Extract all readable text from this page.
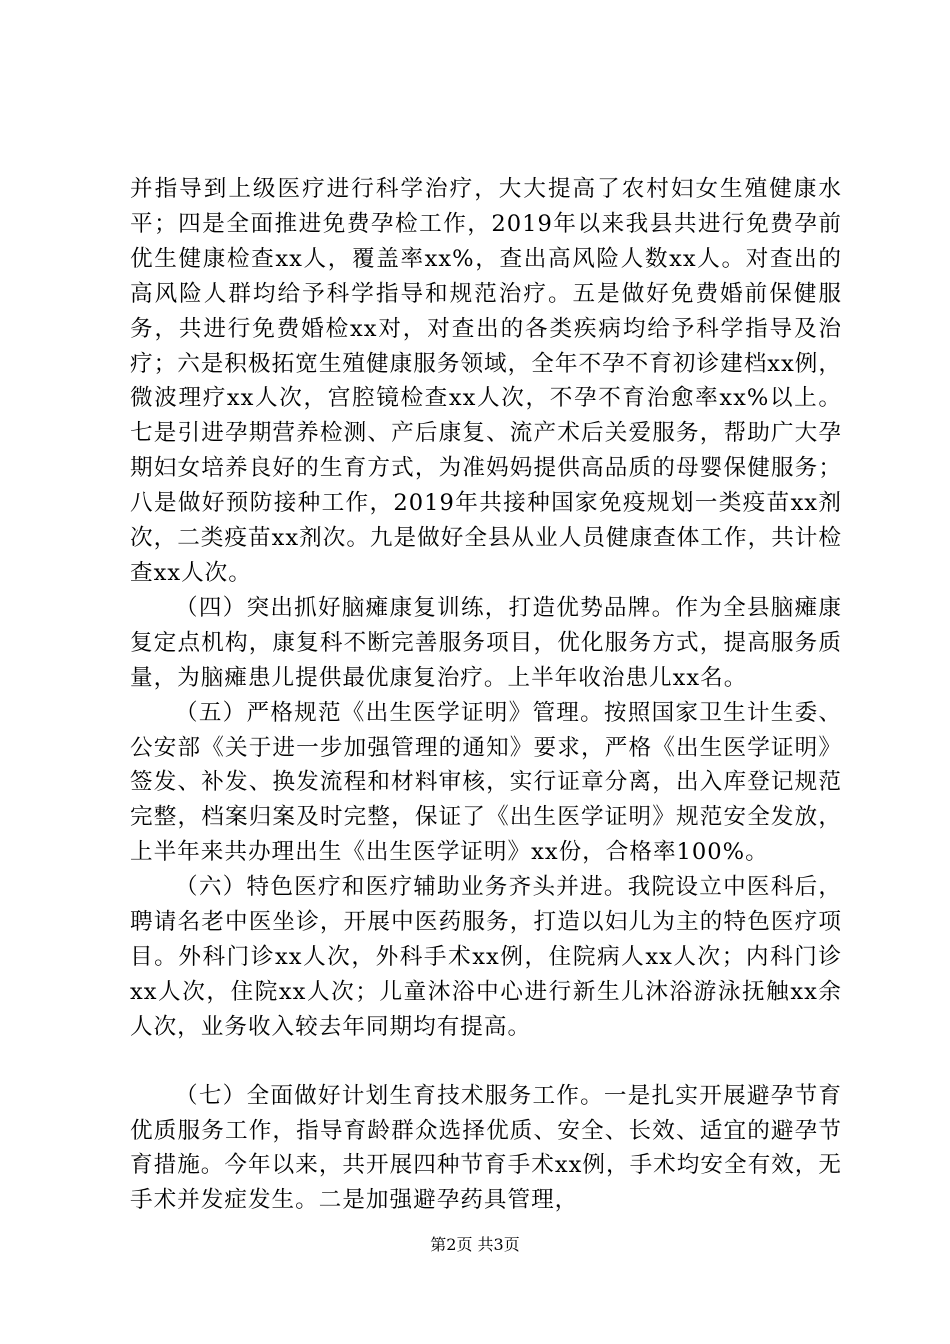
并指导到上级医疗进行科学治疗，大大提高了农村妇女生殖健康水平；四是全面推进免费孕检工作，2019年以来我县共进行免费孕前优生健康检查xx人，覆盖率xx%，查出高风险人数xx人。对查出的高风险人群均给予科学指导和规范治疗。五是做好免费婚前保健服务，共进行免费婚检xx对，对查出的各类疾病均给予科学指导及治疗；六是积极拓宽生殖健康服务领域，全年不孕不育初诊建档xx例，微波理疗xx人次，宫腔镜检查xx人次，不孕不育治愈率xx%以上。七是引进孕期营养检测、产后康复、流产术后关爱服务，帮助广大孕期妇女培养良好的生育方式，为准妈妈提供高品质的母婴保健服务；八是做好预防接种工作，2019年共接种国家免疫规划一类疫苗xx剂次，二类疫苗xx剂次。九是做好全县从业人员健康查体工作，共计检查xx人次。

（四）突出抓好脑瘫康复训练，打造优势品牌。作为全县脑瘫康复定点机构，康复科不断完善服务项目，优化服务方式，提高服务质量，为脑瘫患儿提供最优康复治疗。上半年收治患儿xx名。

（五）严格规范《出生医学证明》管理。按照国家卫生计生委、公安部《关于进一步加强管理的通知》要求，严格《出生医学证明》签发、补发、换发流程和材料审核，实行证章分离，出入库登记规范完整，档案归案及时完整，保证了《出生医学证明》规范安全发放，上半年来共办理出生《出生医学证明》xx份，合格率100%。

（六）特色医疗和医疗辅助业务齐头并进。我院设立中医科后，聘请名老中医坐诊，开展中医药服务，打造以妇儿为主的特色医疗项目。外科门诊xx人次，外科手术xx例，住院病人xx人次；内科门诊xx人次，住院xx人次；儿童沐浴中心进行新生儿沐浴游泳抚触xx余人次，业务收入较去年同期均有提高。

（七）全面做好计划生育技术服务工作。一是扎实开展避孕节育优质服务工作，指导育龄群众选择优质、安全、长效、适宜的避孕节育措施。今年以来，共开展四种节育手术xx例，手术均安全有效，无手术并发症发生。二是加强避孕药具管理，

第2页 共3页
